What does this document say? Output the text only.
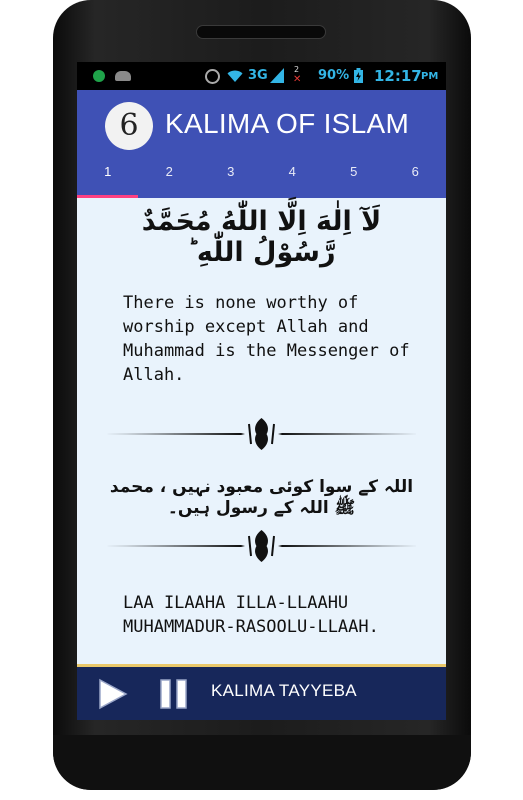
3G	2
✕ 90% 12:17 PM
6 KALIMA OF ISLAM
1	2	3	4	5	6
لَآ اِلٰهَ اِلَّا اللّٰهُ مُحَمَّدٌ رَّسُوْلُ اللّٰهِ ؕ
There is none worthy of worship except Allah and Muhammad is the Messenger of Allah.
اللہ کے سوا کوئی معبود نہیں ، محمد ﷺ اللہ کے رسول ہیں۔
LAA ILAAHA ILLA-LLAAHU MUHAMMADUR-RASOOLU-LLAAH.
KALIMA TAYYEBA
